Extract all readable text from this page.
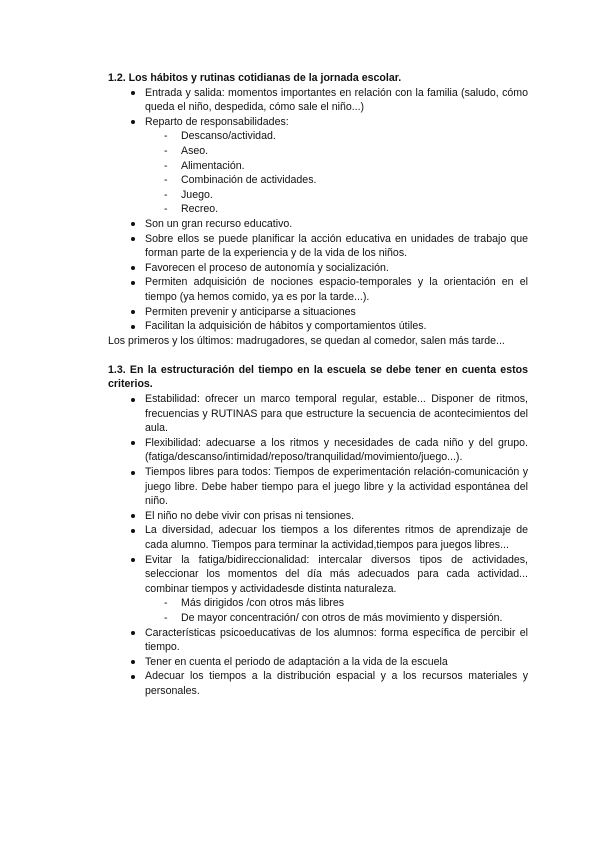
1.2. Los hábitos y rutinas cotidianas de la jornada escolar.
Entrada y salida: momentos importantes en relación con la familia (saludo, cómo queda el niño, despedida, cómo sale el niño...)
Reparto de responsabilidades:
- Descanso/actividad.
- Aseo.
- Alimentación.
- Combinación de actividades.
- Juego.
- Recreo.
Son un gran recurso educativo.
Sobre ellos se puede planificar la acción educativa en unidades de trabajo que forman parte de la experiencia y de la vida de los niños.
Favorecen el proceso de autonomía y socialización.
Permiten adquisición de nociones espacio-temporales y la orientación en el tiempo (ya hemos comido, ya es por la tarde...).
Permiten prevenir y anticiparse a situaciones
Facilitan la adquisición de hábitos y comportamientos útiles.

Los primeros y los últimos: madrugadores, se quedan al comedor, salen más tarde...

1.3. En la estructuración del tiempo en la escuela se debe tener en cuenta estos criterios.
Estabilidad: ofrecer un marco temporal regular, estable... Disponer de ritmos, frecuencias y RUTINAS para que estructure la secuencia de acontecimientos del aula.
Flexibilidad: adecuarse a los ritmos y necesidades de cada niño y del grupo. (fatiga/descanso/intimidad/reposo/tranquilidad/movimiento/juego...).
Tiempos libres para todos: Tiempos de experimentación relación-comunicación y juego libre. Debe haber tiempo para el juego libre y la actividad espontánea del niño.
El niño no debe vivir con prisas ni tensiones.
La diversidad, adecuar los tiempos a los diferentes ritmos de aprendizaje de cada alumno. Tiempos para terminar la actividad,tiempos para juegos libres...
Evitar la fatiga/bidireccionalidad: intercalar diversos tipos de actividades, seleccionar los momentos del día más adecuados para cada actividad... combinar tiempos y actividadesde distinta naturaleza.
- Más dirigidos /con otros más libres
- De mayor concentración/ con otros de más movimiento y dispersión.
Características psicoeducativas de los alumnos: forma específica de percibir el tiempo.
Tener en cuenta el periodo de adaptación a la vida de la escuela
Adecuar los tiempos a la distribución espacial y a los recursos materiales y personales.
